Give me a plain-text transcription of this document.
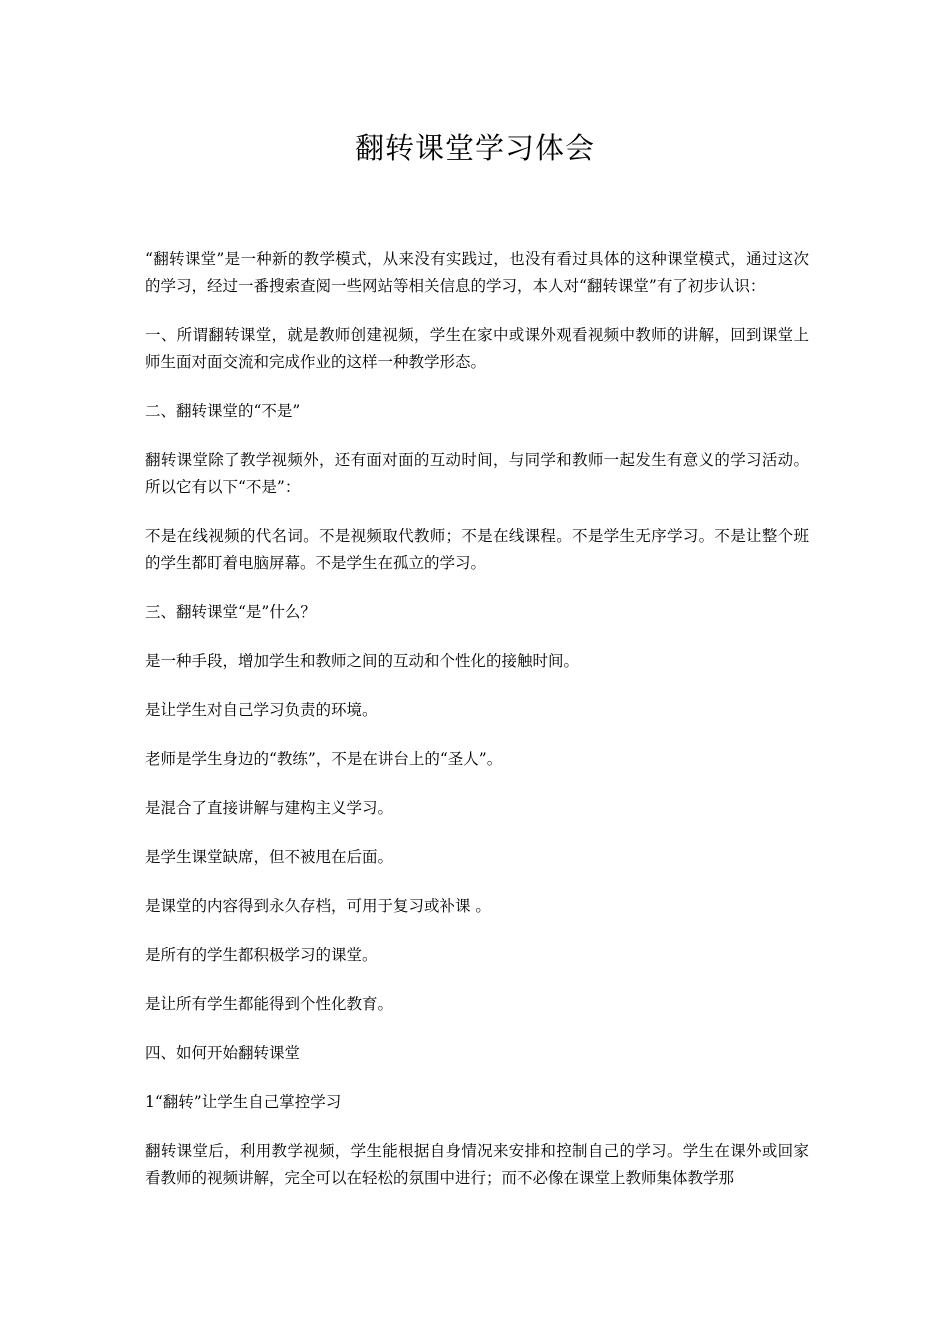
翻转课堂学习体会

“翻转课堂”是一种新的教学模式，从来没有实践过，也没有看过具体的这种课堂模式，通过这次的学习，经过一番搜索查阅一些网站等相关信息的学习，本人对“翻转课堂”有了初步认识：

一、所谓翻转课堂，就是教师创建视频，学生在家中或课外观看视频中教师的讲解，回到课堂上师生面对面交流和完成作业的这样一种教学形态。

二、翻转课堂的“不是”

翻转课堂除了教学视频外，还有面对面的互动时间，与同学和教师一起发生有意义的学习活动。所以它有以下“不是”：

不是在线视频的代名词。不是视频取代教师；不是在线课程。不是学生无序学习。不是让整个班的学生都盯着电脑屏幕。不是学生在孤立的学习。

三、翻转课堂“是”什么？

是一种手段，增加学生和教师之间的互动和个性化的接触时间。

是让学生对自己学习负责的环境。

老师是学生身边的“教练”，不是在讲台上的“圣人”。

是混合了直接讲解与建构主义学习。

是学生课堂缺席，但不被甩在后面。

是课堂的内容得到永久存档，可用于复习或补课 。

是所有的学生都积极学习的课堂。

是让所有学生都能得到个性化教育。

四、如何开始翻转课堂

1“翻转”让学生自己掌控学习

翻转课堂后，利用教学视频，学生能根据自身情况来安排和控制自己的学习。学生在课外或回家看教师的视频讲解，完全可以在轻松的氛围中进行；而不必像在课堂上教师集体教学那
